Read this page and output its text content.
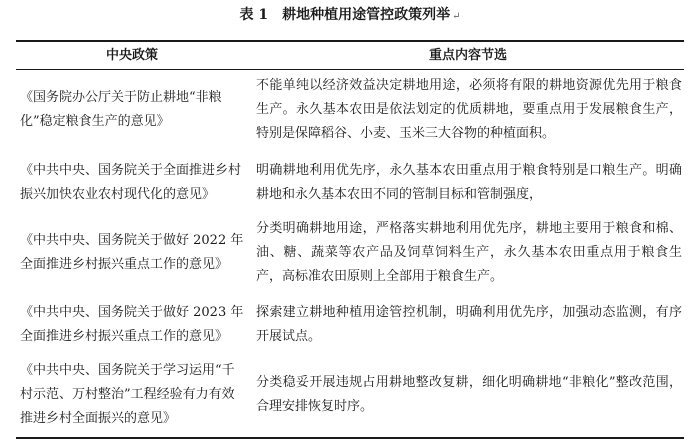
表 1 耕地种植用途管控政策列举 ↵
中央政策	重点内容节选
《国务院办公厅关于防止耕地“非粮化”稳定粮食生产的意见》
不能单纯以经济效益决定耕地用途，必须将有限的耕地资源优先用于粮食生产。永久基本农田是依法划定的优质耕地，要重点用于发展粮食生产，特别是保障稻谷、小麦、玉米三大谷物的种植面积。
《中共中央、国务院关于全面推进乡村振兴加快农业农村现代化的意见》
明确耕地利用优先序，永久基本农田重点用于粮食特别是口粮生产。明确耕地和永久基本农田不同的管制目标和管制强度，
《中共中央、国务院关于做好 2022 年全面推进乡村振兴重点工作的意见》
分类明确耕地用途，严格落实耕地利用优先序，耕地主要用于粮食和棉、油、糖、蔬菜等农产品及饲草饲料生产，永久基本农田重点用于粮食生产，高标准农田原则上全部用于粮食生产。
《中共中央、国务院关于做好 2023 年全面推进乡村振兴重点工作的意见》
探索建立耕地种植用途管控机制，明确利用优先序，加强动态监测，有序开展试点。
《中共中央、国务院关于学习运用“千村示范、万村整治”工程经验有力有效推进乡村全面振兴的意见》
分类稳妥开展违规占用耕地整改复耕，细化明确耕地“非粮化”整改范围，合理安排恢复时序。
